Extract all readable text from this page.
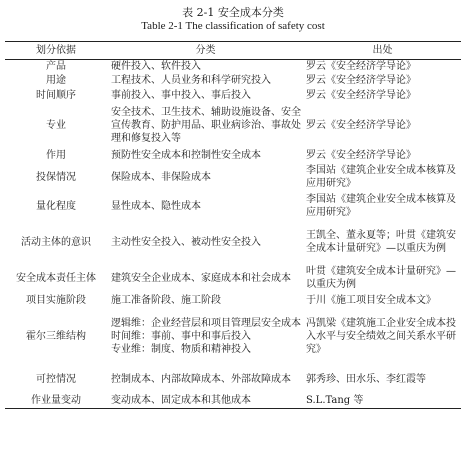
表 2-1 安全成本分类
Table 2-1 The classification of safety cost
划分依据	分类	出处
产品	硬件投入、软件投入	罗云《安全经济学导论》
用途	工程技术、人员业务和科学研究投入	罗云《安全经济学导论》
时间顺序	事前投入、事中投入、事后投入	罗云《安全经济学导论》
专业	安全技术、卫生技术、辅助设施设备、安全宣传教育、防护用品、职业病诊治、事故处理和修复投入等	罗云《安全经济学导论》
作用	预防性安全成本和控制性安全成本	罗云《安全经济学导论》
投保情况	保险成本、非保险成本	李国站《建筑企业安全成本核算及应用研究》
量化程度	显性成本、隐性成本	李国站《建筑企业安全成本核算及应用研究》
活动主体的意识	主动性安全投入、被动性安全投入	王凯全、董永夏等；叶贯《建筑安全成本计量研究》—以重庆为例
安全成本责任主体	建筑安全企业成本、家庭成本和社会成本	叶贯《建筑安全成本计量研究》—以重庆为例
项目实施阶段	施工准备阶段、施工阶段	于川《施工项目安全成本文》
霍尔三维结构	逻辑维：企业经营层和项目管理层安全成本
时间维：事前、事中和事后投入
专业维：制度、物质和精神投入	冯凯梁《建筑施工企业安全成本投入水平与安全绩效之间关系水平研究》
可控情况	控制成本、内部故障成本、外部故障成本	郭秀珍、田水乐、李红霞等
作业量变动	变动成本、固定成本和其他成本	S.L.Tang 等
